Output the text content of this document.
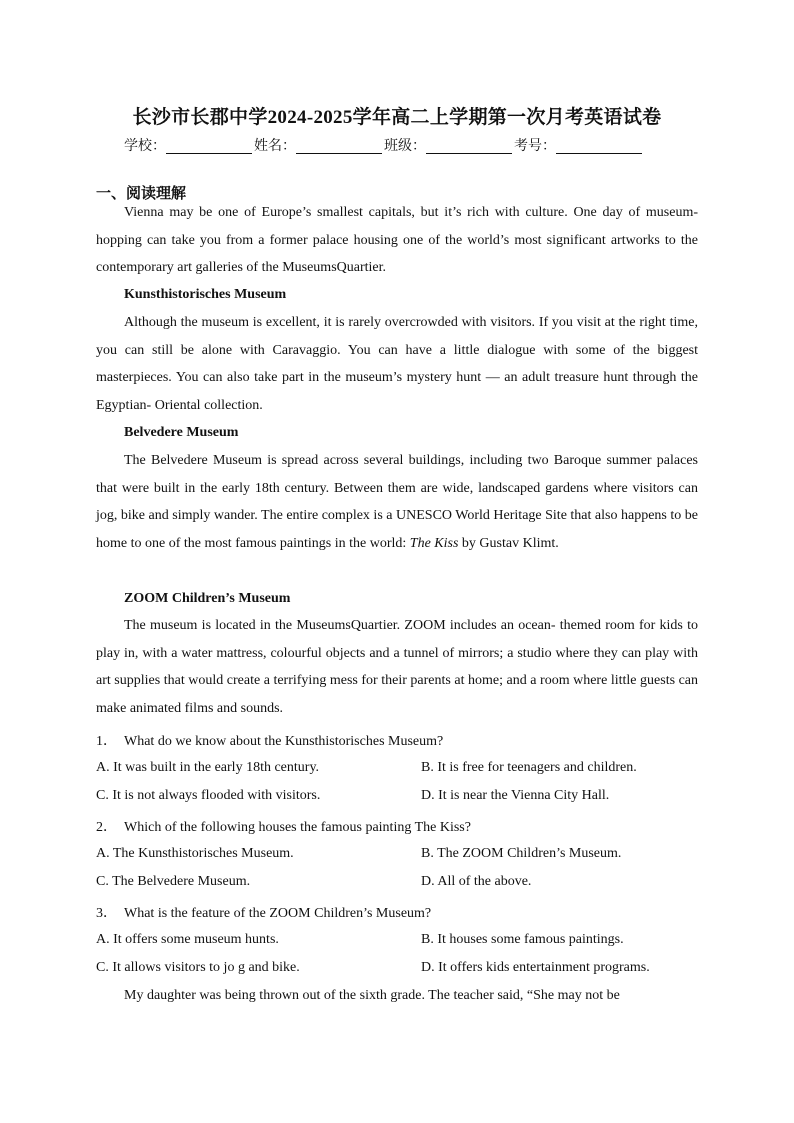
长沙市长郡中学2024-2025学年高二上学期第一次月考英语试卷
学校：	姓名：	班级：	考号：
一、阅读理解

Vienna may be one of Europe’s smallest capitals, but it’s rich with culture. One day of museum- hopping can take you from a former palace housing one of the world’s most significant artworks to the contemporary art galleries of the MuseumsQuartier.

Kunsthistorisches Museum

Although the museum is excellent, it is rarely overcrowded with visitors. If you visit at the right time, you can still be alone with Caravaggio. You can have a little dialogue with some of the biggest masterpieces. You can also take part in the museum’s mystery hunt — an adult treasure hunt through the Egyptian- Oriental collection.

Belvedere Museum

The Belvedere Museum is spread across several buildings, including two Baroque summer palaces that were built in the early 18th century. Between them are wide, landscaped gardens where visitors can jog, bike and simply wander. The entire complex is a UNESCO World Heritage Site that also happens to be home to one of the most famous paintings in the world: The Kiss by Gustav Klimt.

ZOOM Children’s Museum

The museum is located in the MuseumsQuartier. ZOOM includes an ocean- themed room for kids to play in, with a water mattress, colourful objects and a tunnel of mirrors; a studio where they can play with art supplies that would create a terrifying mess for their parents at home; and a room where little guests can make animated films and sounds.

1． What do we know about the Kunsthistorisches Museum?
A. It was built in the early 18th century.	B. It is free for teenagers and children.
C. It is not always flooded with visitors.	D. It is near the Vienna City Hall.
2． Which of the following houses the famous painting The Kiss?
A. The Kunsthistorisches Museum.	B. The ZOOM Children’s Museum.
C. The Belvedere Museum.	D. All of the above.
3． What is the feature of the ZOOM Children’s Museum?
A. It offers some museum hunts.	B. It houses some famous paintings.
C. It allows visitors to jo g and bike.	D. It offers kids entertainment programs.

My daughter was being thrown out of the sixth grade. The teacher said, “She may not be
